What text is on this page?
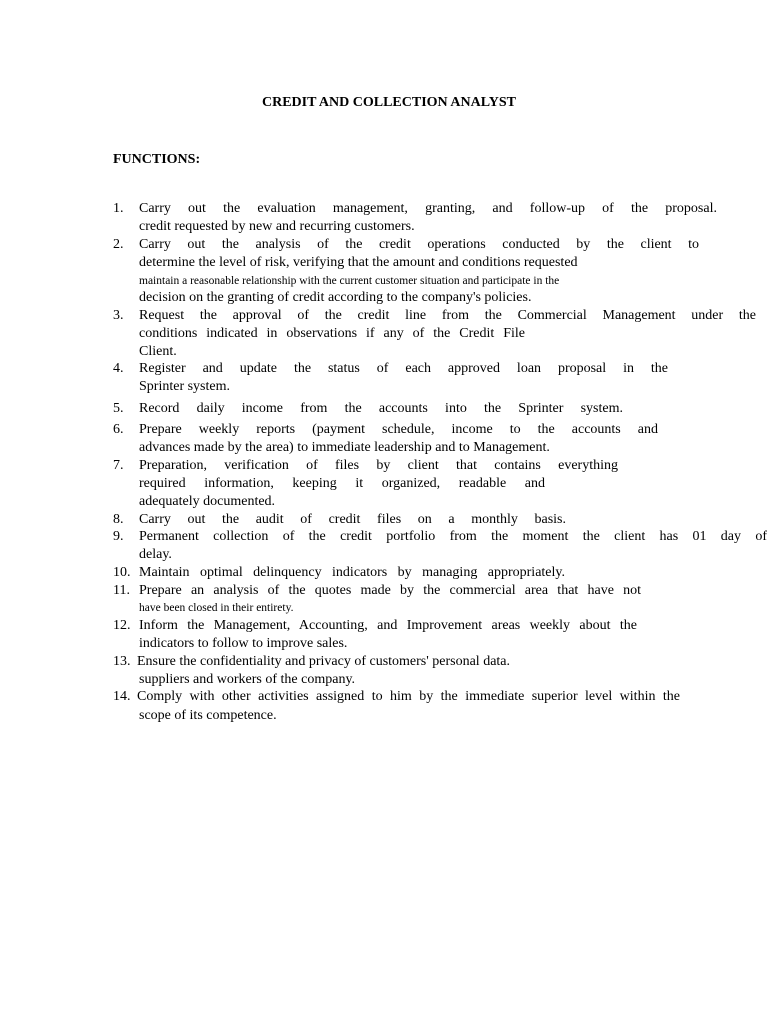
CREDIT AND COLLECTION ANALYST
FUNCTIONS:
1. Carry out the evaluation management, granting, and follow-up of the proposal.
credit requested by new and recurring customers.
2. Carry out the analysis of the credit operations conducted by the client to
determine the level of risk, verifying that the amount and conditions requested
maintain a reasonable relationship with the current customer situation and participate in the
decision on the granting of credit according to the company's policies.
3. Request the approval of the credit line from the Commercial Management under the
conditions indicated in observations if any of the Credit File
Client.
4. Register and update the status of each approved loan proposal in the
Sprinter system.
5. Record daily income from the accounts into the Sprinter system.
6. Prepare weekly reports (payment schedule, income to the accounts and
advances made by the area) to immediate leadership and to Management.
7. Preparation, verification of files by client that contains everything
required information, keeping it organized, readable and
adequately documented.
8. Carry out the audit of credit files on a monthly basis.
9. Permanent collection of the credit portfolio from the moment the client has 01 day of
delay.
10. Maintain optimal delinquency indicators by managing appropriately.
11. Prepare an analysis of the quotes made by the commercial area that have not
have been closed in their entirety.
12. Inform the Management, Accounting, and Improvement areas weekly about the
indicators to follow to improve sales.
13. Ensure the confidentiality and privacy of customers' personal data.
suppliers and workers of the company.
14. Comply with other activities assigned to him by the immediate superior level within the
scope of its competence.
